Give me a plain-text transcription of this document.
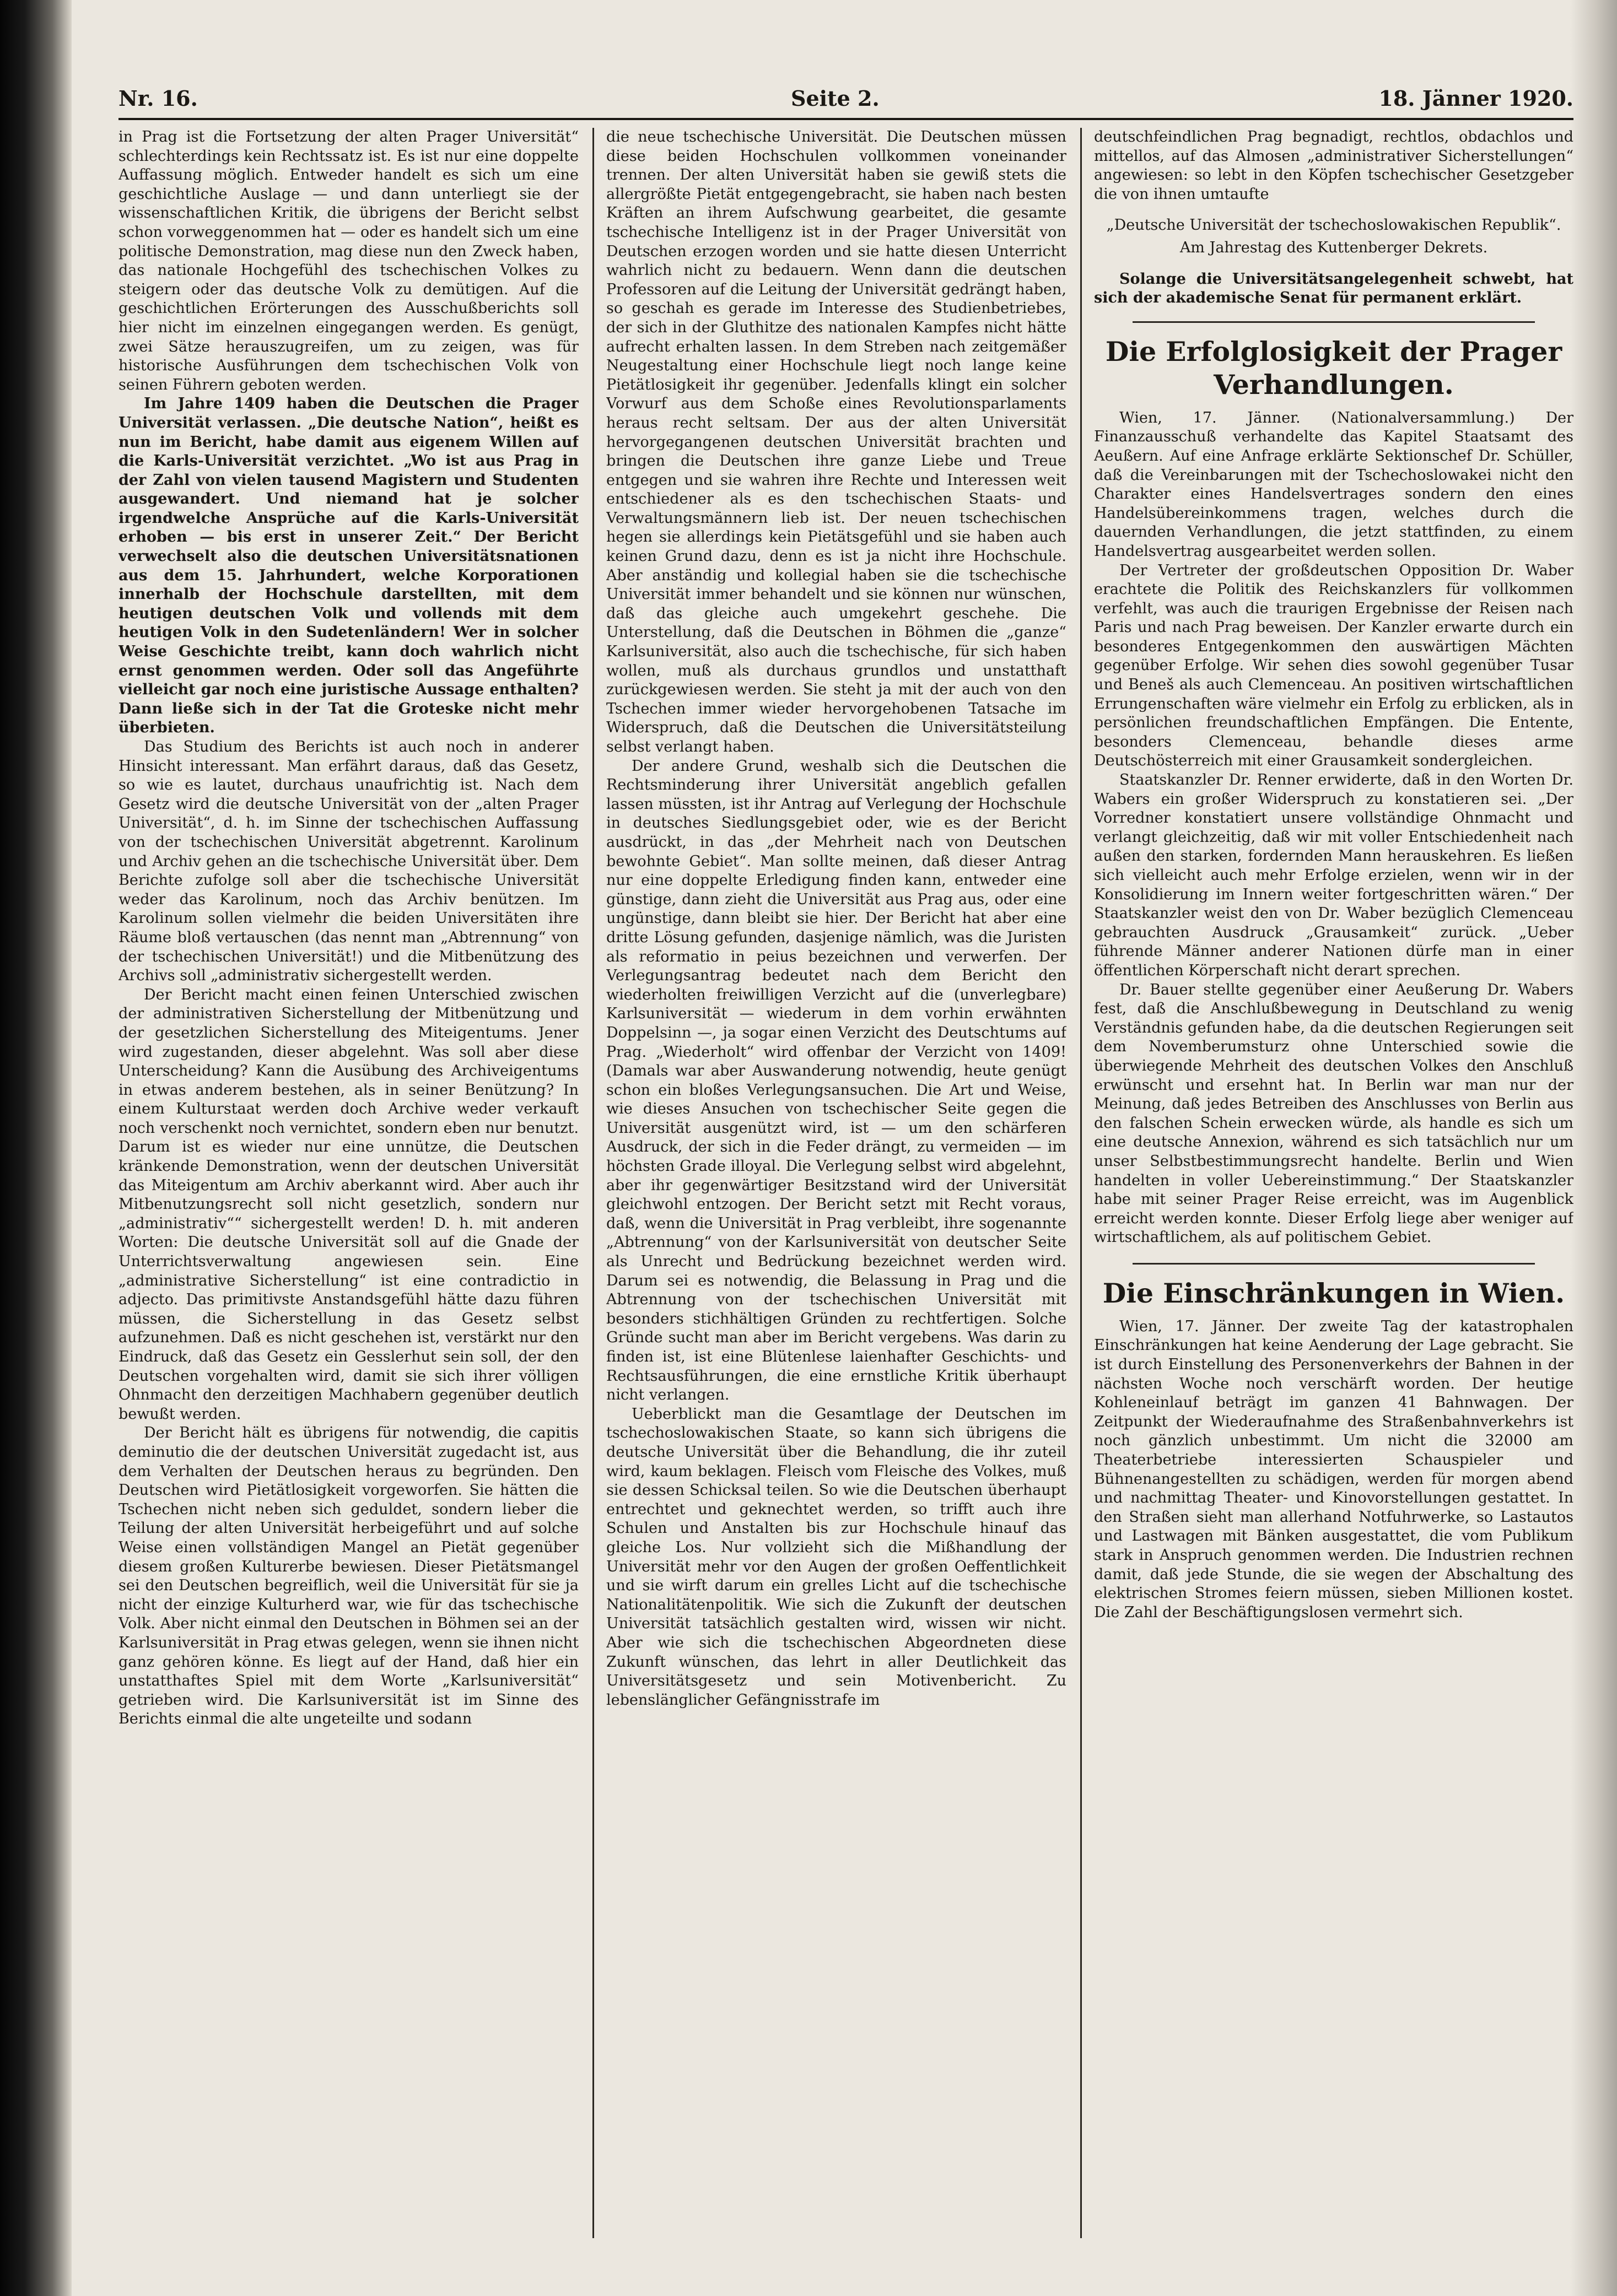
Nr. 16.	Seite 2.	18. Jänner 1920.

in Prag ist die Fortsetzung der alten Prager Universität“ schlechterdings kein Rechtssatz ist. Es ist nur eine doppelte Auffassung möglich. Entweder handelt es sich um eine geschichtliche Auslage — und dann unterliegt sie der wissenschaftlichen Kritik, die übrigens der Bericht selbst schon vorweggenommen hat — oder es handelt sich um eine politische Demonstration, mag diese nun den Zweck haben, das nationale Hochgefühl des tschechischen Volkes zu steigern oder das deutsche Volk zu demütigen. Auf die geschichtlichen Erörterungen des Ausschußberichts soll hier nicht im einzelnen eingegangen werden. Es genügt, zwei Sätze herauszugreifen, um zu zeigen, was für historische Ausführungen dem tschechischen Volk von seinen Führern geboten werden.

Im Jahre 1409 haben die Deutschen die Prager Universität verlassen. „Die deutsche Nation“, heißt es nun im Bericht, habe damit aus eigenem Willen auf die Karls-Universität verzichtet. „Wo ist aus Prag in der Zahl von vielen tausend Magistern und Studenten ausgewandert. Und niemand hat je solcher irgendwelche Ansprüche auf die Karls-Universität erhoben — bis erst in unserer Zeit.“ Der Bericht verwechselt also die deutschen Universitätsnationen aus dem 15. Jahrhundert, welche Korporationen innerhalb der Hochschule darstellten, mit dem heutigen deutschen Volk und vollends mit dem heutigen Volk in den Sudetenländern! Wer in solcher Weise Geschichte treibt, kann doch wahrlich nicht ernst genommen werden. Oder soll das Angeführte vielleicht gar noch eine juristische Aussage enthalten? Dann ließe sich in der Tat die Groteske nicht mehr überbieten.

Das Studium des Berichts ist auch noch in anderer Hinsicht interessant. Man erfährt daraus, daß das Gesetz, so wie es lautet, durchaus unaufrichtig ist. Nach dem Gesetz wird die deutsche Universität von der „alten Prager Universität“, d. h. im Sinne der tschechischen Auffassung von der tschechischen Universität abgetrennt. Karolinum und Archiv gehen an die tschechische Universität über. Dem Berichte zufolge soll aber die tschechische Universität weder das Karolinum, noch das Archiv benützen. Im Karolinum sollen vielmehr die beiden Universitäten ihre Räume bloß vertauschen (das nennt man „Abtrennung“ von der tschechischen Universität!) und die Mitbenützung des Archivs soll „administrativ sichergestellt werden.

Der Bericht macht einen feinen Unterschied zwischen der administrativen Sicherstellung der Mitbenützung und der gesetzlichen Sicherstellung des Miteigentums. Jener wird zugestanden, dieser abgelehnt. Was soll aber diese Unterscheidung? Kann die Ausübung des Archiveigentums in etwas anderem bestehen, als in seiner Benützung? In einem Kulturstaat werden doch Archive weder verkauft noch verschenkt noch vernichtet, sondern eben nur benutzt. Darum ist es wieder nur eine unnütze, die Deutschen kränkende Demonstration, wenn der deutschen Universität das Miteigentum am Archiv aberkannt wird. Aber auch ihr Mitbenutzungsrecht soll nicht gesetzlich, sondern nur „administrativ““ sichergestellt werden! D. h. mit anderen Worten: Die deutsche Universität soll auf die Gnade der Unterrichtsverwaltung angewiesen sein. Eine „administrative Sicherstellung“ ist eine contradictio in adjecto. Das primitivste Anstandsgefühl hätte dazu führen müssen, die Sicherstellung in das Gesetz selbst aufzunehmen. Daß es nicht geschehen ist, verstärkt nur den Eindruck, daß das Gesetz ein Gesslerhut sein soll, der den Deutschen vorgehalten wird, damit sie sich ihrer völligen Ohnmacht den derzeitigen Machhabern gegenüber deutlich bewußt werden.

Der Bericht hält es übrigens für notwendig, die capitis deminutio die der deutschen Universität zugedacht ist, aus dem Verhalten der Deutschen heraus zu begründen. Den Deutschen wird Pietätlosigkeit vorgeworfen. Sie hätten die Tschechen nicht neben sich geduldet, sondern lieber die Teilung der alten Universität herbeigeführt und auf solche Weise einen vollständigen Mangel an Pietät gegenüber diesem großen Kulturerbe bewiesen. Dieser Pietätsmangel sei den Deutschen begreiflich, weil die Universität für sie ja nicht der einzige Kulturherd war, wie für das tschechische Volk. Aber nicht einmal den Deutschen in Böhmen sei an der Karlsuniversität in Prag etwas gelegen, wenn sie ihnen nicht ganz gehören könne. Es liegt auf der Hand, daß hier ein unstatthaftes Spiel mit dem Worte „Karlsuniversität“ getrieben wird. Die Karlsuniversität ist im Sinne des Berichts einmal die alte ungeteilte und sodann

die neue tschechische Universität. Die Deutschen müssen diese beiden Hochschulen vollkommen voneinander trennen. Der alten Universität haben sie gewiß stets die allergrößte Pietät entgegengebracht, sie haben nach besten Kräften an ihrem Aufschwung gearbeitet, die gesamte tschechische Intelligenz ist in der Prager Universität von Deutschen erzogen worden und sie hatte diesen Unterricht wahrlich nicht zu bedauern. Wenn dann die deutschen Professoren auf die Leitung der Universität gedrängt haben, so geschah es gerade im Interesse des Studienbetriebes, der sich in der Gluthitze des nationalen Kampfes nicht hätte aufrecht erhalten lassen. In dem Streben nach zeitgemäßer Neugestaltung einer Hochschule liegt noch lange keine Pietätlosigkeit ihr gegenüber. Jedenfalls klingt ein solcher Vorwurf aus dem Schoße eines Revolutionsparlaments heraus recht seltsam. Der aus der alten Universität hervorgegangenen deutschen Universität brachten und bringen die Deutschen ihre ganze Liebe und Treue entgegen und sie wahren ihre Rechte und Interessen weit entschiedener als es den tschechischen Staats- und Verwaltungsmännern lieb ist. Der neuen tschechischen hegen sie allerdings kein Pietätsgefühl und sie haben auch keinen Grund dazu, denn es ist ja nicht ihre Hochschule. Aber anständig und kollegial haben sie die tschechische Universität immer behandelt und sie können nur wünschen, daß das gleiche auch umgekehrt geschehe. Die Unterstellung, daß die Deutschen in Böhmen die „ganze“ Karlsuniversität, also auch die tschechische, für sich haben wollen, muß als durchaus grundlos und unstatthaft zurückgewiesen werden. Sie steht ja mit der auch von den Tschechen immer wieder hervorgehobenen Tatsache im Widerspruch, daß die Deutschen die Universitätsteilung selbst verlangt haben.

Der andere Grund, weshalb sich die Deutschen die Rechtsminderung ihrer Universität angeblich gefallen lassen müssten, ist ihr Antrag auf Verlegung der Hochschule in deutsches Siedlungsgebiet oder, wie es der Bericht ausdrückt, in das „der Mehrheit nach von Deutschen bewohnte Gebiet“. Man sollte meinen, daß dieser Antrag nur eine doppelte Erledigung finden kann, entweder eine günstige, dann zieht die Universität aus Prag aus, oder eine ungünstige, dann bleibt sie hier. Der Bericht hat aber eine dritte Lösung gefunden, dasjenige nämlich, was die Juristen als reformatio in peius bezeichnen und verwerfen. Der Verlegungsantrag bedeutet nach dem Bericht den wiederholten freiwilligen Verzicht auf die (unverlegbare) Karlsuniversität — wiederum in dem vorhin erwähnten Doppelsinn —, ja sogar einen Verzicht des Deutschtums auf Prag. „Wiederholt“ wird offenbar der Verzicht von 1409! (Damals war aber Auswanderung notwendig, heute genügt schon ein bloßes Verlegungsansuchen. Die Art und Weise, wie dieses Ansuchen von tschechischer Seite gegen die Universität ausgenützt wird, ist — um den schärferen Ausdruck, der sich in die Feder drängt, zu vermeiden — im höchsten Grade illoyal. Die Verlegung selbst wird abgelehnt, aber ihr gegenwärtiger Besitzstand wird der Universität gleichwohl entzogen. Der Bericht setzt mit Recht voraus, daß, wenn die Universität in Prag verbleibt, ihre sogenannte „Abtrennung“ von der Karlsuniversität von deutscher Seite als Unrecht und Bedrückung bezeichnet werden wird. Darum sei es notwendig, die Belassung in Prag und die Abtrennung von der tschechischen Universität mit besonders stichhältigen Gründen zu rechtfertigen. Solche Gründe sucht man aber im Bericht vergebens. Was darin zu finden ist, ist eine Blütenlese laienhafter Geschichts- und Rechtsausführungen, die eine ernstliche Kritik überhaupt nicht verlangen.

Ueberblickt man die Gesamtlage der Deutschen im tschechoslowakischen Staate, so kann sich übrigens die deutsche Universität über die Behandlung, die ihr zuteil wird, kaum beklagen. Fleisch vom Fleische des Volkes, muß sie dessen Schicksal teilen. So wie die Deutschen überhaupt entrechtet und geknechtet werden, so trifft auch ihre Schulen und Anstalten bis zur Hochschule hinauf das gleiche Los. Nur vollzieht sich die Mißhandlung der Universität mehr vor den Augen der großen Oeffentlichkeit und sie wirft darum ein grelles Licht auf die tschechische Nationalitätenpolitik. Wie sich die Zukunft der deutschen Universität tatsächlich gestalten wird, wissen wir nicht. Aber wie sich die tschechischen Abgeordneten diese Zukunft wünschen, das lehrt in aller Deutlichkeit das Universitätsgesetz und sein Motivenbericht. Zu lebenslänglicher Gefängnisstrafe im

deutschfeindlichen Prag begnadigt, rechtlos, obdachlos und mittellos, auf das Almosen „administrativer Sicherstellungen“ angewiesen: so lebt in den Köpfen tschechischer Gesetzgeber die von ihnen umtaufte

„Deutsche Universität der tschechoslowakischen Republik“.

Am Jahrestag des Kuttenberger Dekrets.

Solange die Universitätsangelegenheit schwebt, hat sich der akademische Senat für permanent erklärt.

Die Erfolglosigkeit der Prager Verhandlungen.

Wien, 17. Jänner. (Nationalversammlung.) Der Finanzausschuß verhandelte das Kapitel Staatsamt des Aeußern. Auf eine Anfrage erklärte Sektionschef Dr. Schüller, daß die Vereinbarungen mit der Tschechoslowakei nicht den Charakter eines Handelsvertrages sondern den eines Handelsübereinkommens tragen, welches durch die dauernden Verhandlungen, die jetzt stattfinden, zu einem Handelsvertrag ausgearbeitet werden sollen.

Der Vertreter der großdeutschen Opposition Dr. Waber erachtete die Politik des Reichskanzlers für vollkommen verfehlt, was auch die traurigen Ergebnisse der Reisen nach Paris und nach Prag beweisen. Der Kanzler erwarte durch ein besonderes Entgegenkommen den auswärtigen Mächten gegenüber Erfolge. Wir sehen dies sowohl gegenüber Tusar und Beneš als auch Clemenceau. An positiven wirtschaftlichen Errungenschaften wäre vielmehr ein Erfolg zu erblicken, als in persönlichen freundschaftlichen Empfängen. Die Entente, besonders Clemenceau, behandle dieses arme Deutschösterreich mit einer Grausamkeit sondergleichen.

Staatskanzler Dr. Renner erwiderte, daß in den Worten Dr. Wabers ein großer Widerspruch zu konstatieren sei. „Der Vorredner konstatiert unsere vollständige Ohnmacht und verlangt gleichzeitig, daß wir mit voller Entschiedenheit nach außen den starken, fordernden Mann herauskehren. Es ließen sich vielleicht auch mehr Erfolge erzielen, wenn wir in der Konsolidierung im Innern weiter fortgeschritten wären.“ Der Staatskanzler weist den von Dr. Waber bezüglich Clemenceau gebrauchten Ausdruck „Grausamkeit“ zurück. „Ueber führende Männer anderer Nationen dürfe man in einer öffentlichen Körperschaft nicht derart sprechen.

Dr. Bauer stellte gegenüber einer Aeußerung Dr. Wabers fest, daß die Anschlußbewegung in Deutschland zu wenig Verständnis gefunden habe, da die deutschen Regierungen seit dem Novemberumsturz ohne Unterschied sowie die überwiegende Mehrheit des deutschen Volkes den Anschluß erwünscht und ersehnt hat. In Berlin war man nur der Meinung, daß jedes Betreiben des Anschlusses von Berlin aus den falschen Schein erwecken würde, als handle es sich um eine deutsche Annexion, während es sich tatsächlich nur um unser Selbstbestimmungsrecht handelte. Berlin und Wien handelten in voller Uebereinstimmung.“ Der Staatskanzler habe mit seiner Prager Reise erreicht, was im Augenblick erreicht werden konnte. Dieser Erfolg liege aber weniger auf wirtschaftlichem, als auf politischem Gebiet.

Die Einschränkungen in Wien.

Wien, 17. Jänner. Der zweite Tag der katastrophalen Einschränkungen hat keine Aenderung der Lage gebracht. Sie ist durch Einstellung des Personenverkehrs der Bahnen in der nächsten Woche noch verschärft worden. Der heutige Kohleneinlauf beträgt im ganzen 41 Bahnwagen. Der Zeitpunkt der Wiederaufnahme des Straßenbahnverkehrs ist noch gänzlich unbestimmt. Um nicht die 32000 am Theaterbetriebe interessierten Schauspieler und Bühnenangestellten zu schädigen, werden für morgen abend und nachmittag Theater- und Kinovorstellungen gestattet. In den Straßen sieht man allerhand Notfuhrwerke, so Lastautos und Lastwagen mit Bänken ausgestattet, die vom Publikum stark in Anspruch genommen werden. Die Industrien rechnen damit, daß jede Stunde, die sie wegen der Abschaltung des elektrischen Stromes feiern müssen, sieben Millionen kostet. Die Zahl der Beschäftigungslosen vermehrt sich.
